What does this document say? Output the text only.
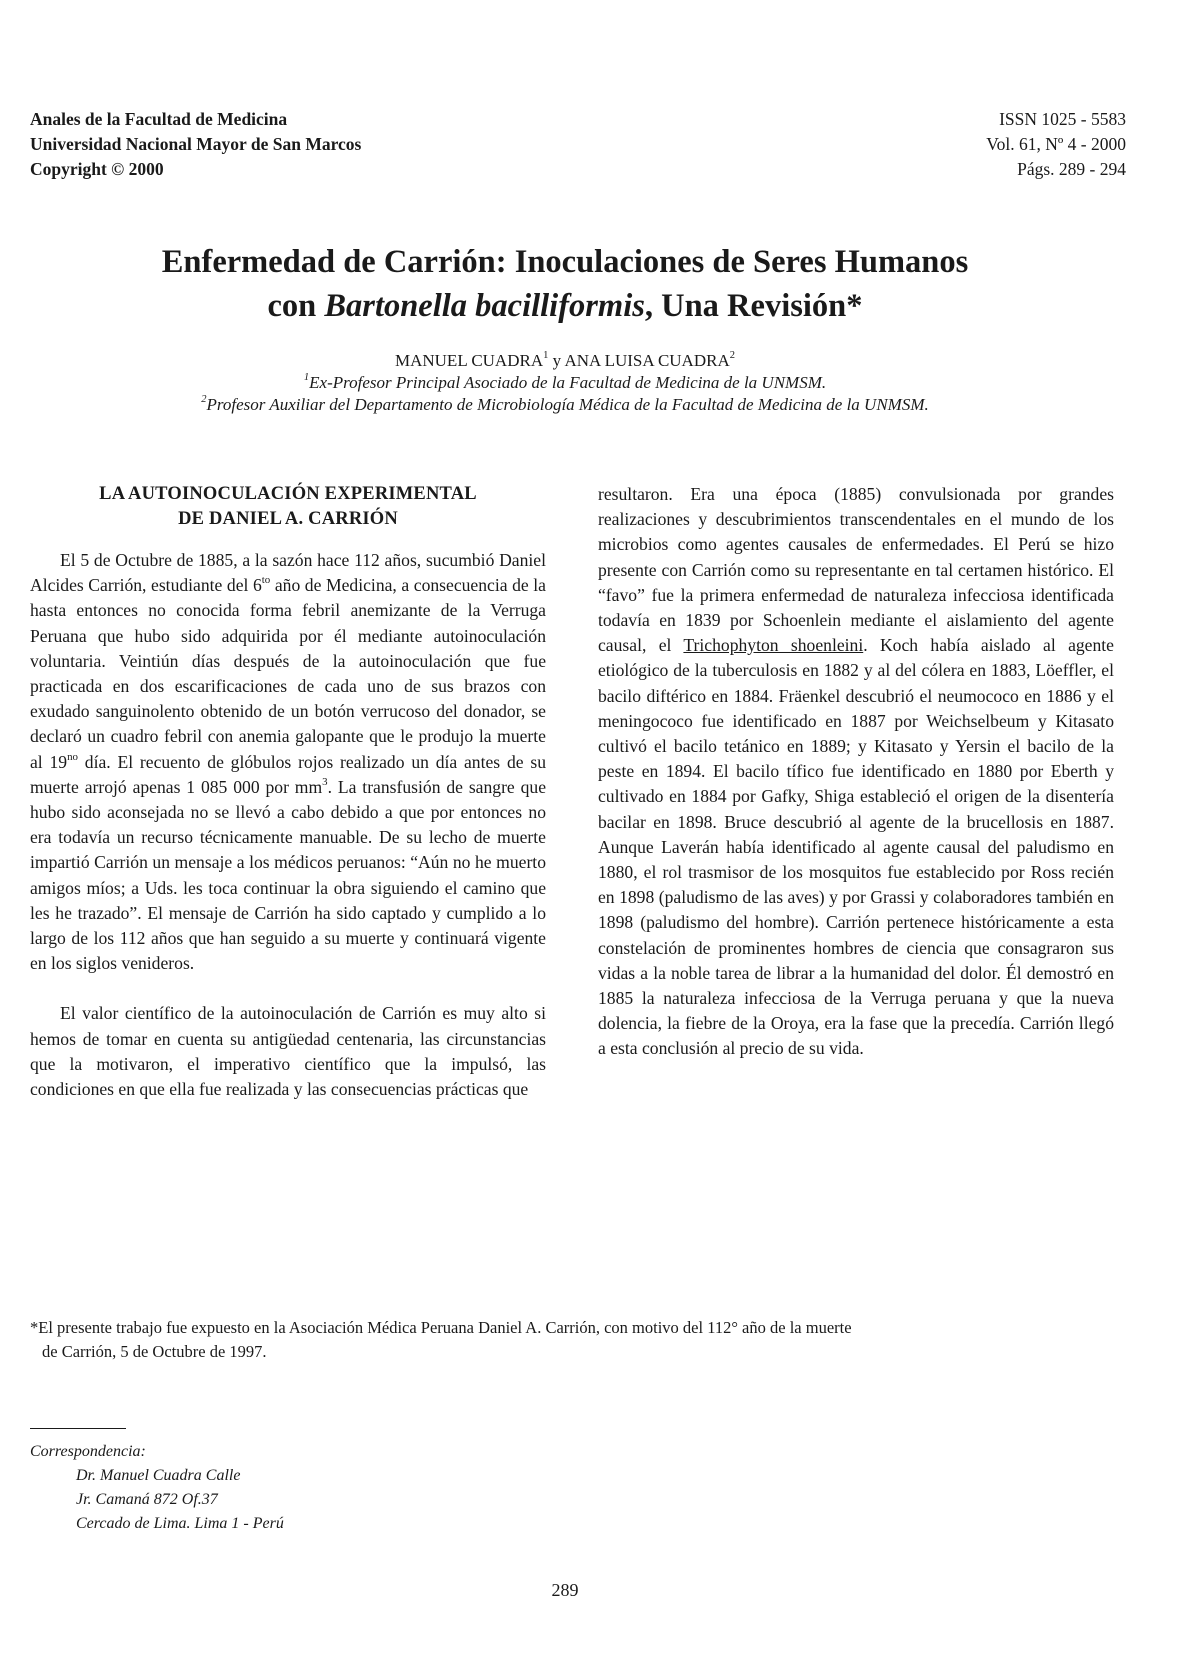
Anales de la Facultad de Medicina
Universidad Nacional Mayor de San Marcos
Copyright © 2000
ISSN 1025 - 5583
Vol. 61, Nº 4 - 2000
Págs. 289 - 294
Enfermedad de Carrión: Inoculaciones de Seres Humanos
con Bartonella bacilliformis, Una Revisión*
MANUEL CUADRA$^1$ y ANA LUISA CUADRA$^2$
$^1$Ex-Profesor Principal Asociado de la Facultad de Medicina de la UNMSM.
$^2$Profesor Auxiliar del Departamento de Microbiología Médica de la Facultad de Medicina de la UNMSM.
LA AUTOINOCULACIÓN EXPERIMENTAL
DE DANIEL A. CARRIÓN

El 5 de Octubre de 1885, a la sazón hace 112 años, sucumbió Daniel Alcides Carrión, estudiante del $6^{to}$ año de Medicina, a consecuencia de la hasta entonces no conocida forma febril anemizante de la Verruga Peruana que hubo sido adquirida por él mediante autoinoculación voluntaria. Veintiún días después de la autoinoculación que fue practicada en dos escarificaciones de cada uno de sus brazos con exudado sanguinolento obtenido de un botón verrucoso del donador, se declaró un cuadro febril con anemia galopante que le produjo la muerte al $19^{no}$ día. El recuento de glóbulos rojos realizado un día antes de su muerte arrojó apenas 1 085 000 por $mm^3$. La transfusión de sangre que hubo sido aconsejada no se llevó a cabo debido a que por entonces no era todavía un recurso técnicamente manuable. De su lecho de muerte impartió Carrión un mensaje a los médicos peruanos: “Aún no he muerto amigos míos; a Uds. les toca continuar la obra siguiendo el camino que les he trazado”. El mensaje de Carrión ha sido captado y cumplido a lo largo de los 112 años que han seguido a su muerte y continuará vigente en los siglos venideros.

El valor científico de la autoinoculación de Carrión es muy alto si hemos de tomar en cuenta su antigüedad centenaria, las circunstancias que la motivaron, el imperativo científico que la impulsó, las condiciones en que ella fue realizada y las consecuencias prácticas que

resultaron. Era una época (1885) convulsionada por grandes realizaciones y descubrimientos transcendentales en el mundo de los microbios como agentes causales de enfermedades. El Perú se hizo presente con Carrión como su representante en tal certamen histórico. El “favo” fue la primera enfermedad de naturaleza infecciosa identificada todavía en 1839 por Schoenlein mediante el aislamiento del agente causal, el Trichophyton shoenleini. Koch había aislado al agente etiológico de la tuberculosis en 1882 y al del cólera en 1883, Löeffler, el bacilo diftérico en 1884. Fräenkel descubrió el neumococo en 1886 y el meningococo fue identificado en 1887 por Weichselbeum y Kitasato cultivó el bacilo tetánico en 1889; y Kitasato y Yersin el bacilo de la peste en 1894. El bacilo tífico fue identificado en 1880 por Eberth y cultivado en 1884 por Gafky, Shiga estableció el origen de la disentería bacilar en 1898. Bruce descubrió al agente de la brucellosis en 1887. Aunque Laverán había identificado al agente causal del paludismo en 1880, el rol trasmisor de los mosquitos fue establecido por Ross recién en 1898 (paludismo de las aves) y por Grassi y colaboradores también en 1898 (paludismo del hombre). Carrión pertenece históricamente a esta constelación de prominentes hombres de ciencia que consagraron sus vidas a la noble tarea de librar a la humanidad del dolor. Él demostró en 1885 la naturaleza infecciosa de la Verruga peruana y que la nueva dolencia, la fiebre de la Oroya, era la fase que la precedía. Carrión llegó a esta conclusión al precio de su vida.

*El presente trabajo fue expuesto en la Asociación Médica Peruana Daniel A. Carrión, con motivo del 112° año de la muerte
de Carrión, 5 de Octubre de 1997.
Correspondencia:
Dr. Manuel Cuadra Calle
Jr. Camaná 872 Of.37
Cercado de Lima. Lima 1 - Perú
289
